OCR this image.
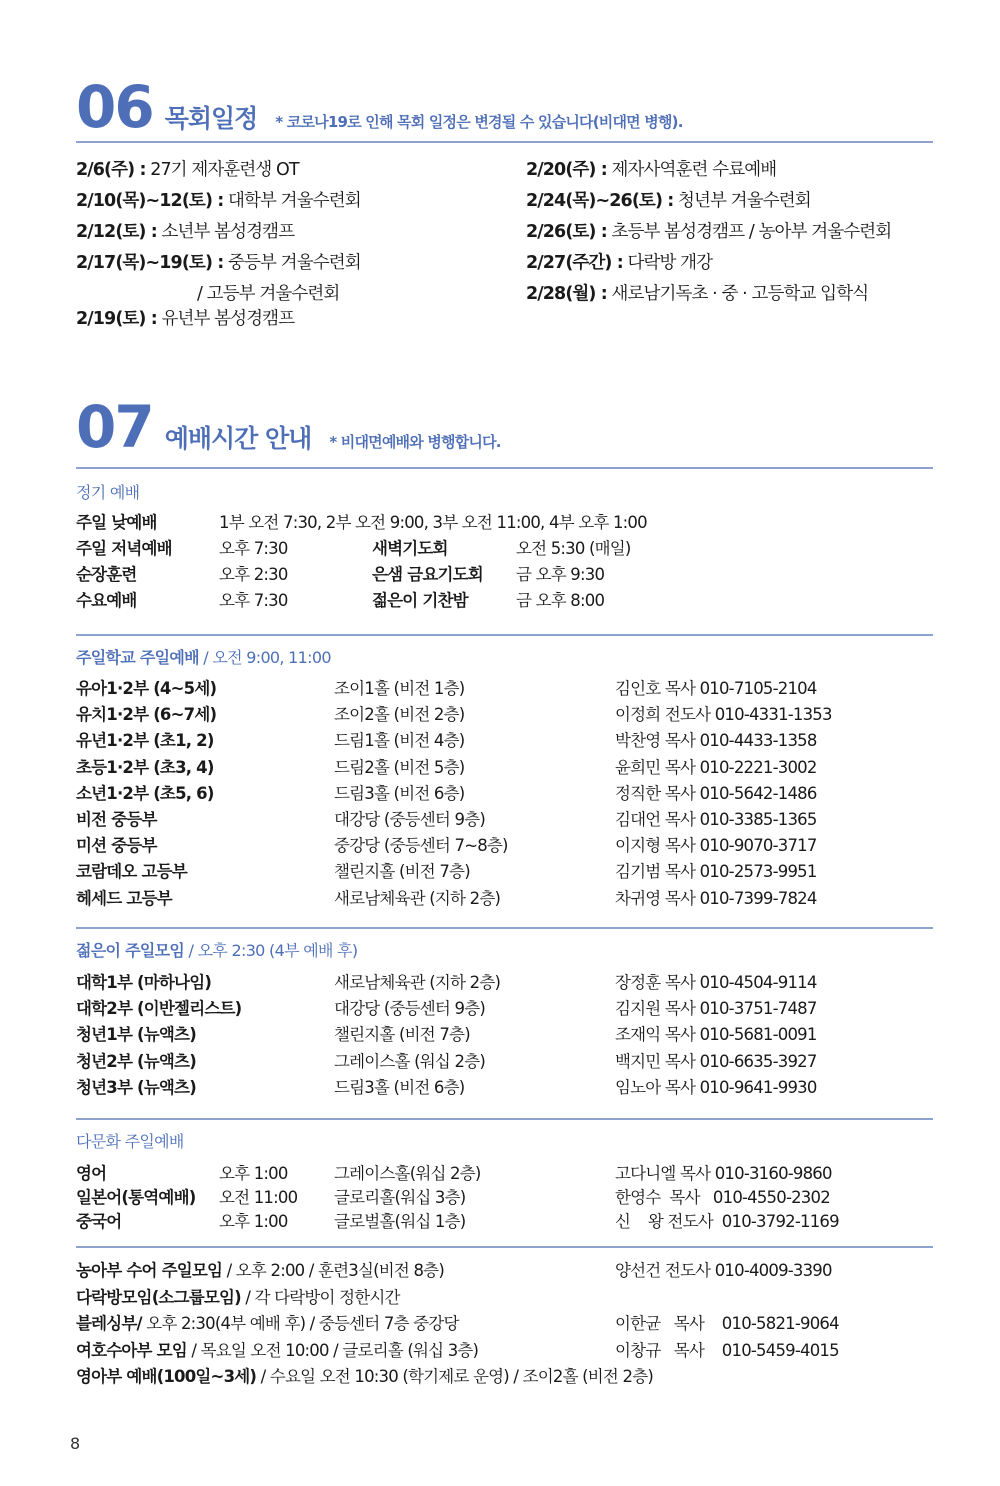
06 목회일정 * 코로나19로 인해 목회 일정은 변경될 수 있습니다(비대면 병행).
2/6(주) : 27기 제자훈련생 OT
2/10(목)~12(토) : 대학부 겨울수련회
2/12(토) : 소년부 봄성경캠프
2/17(목)~19(토) : 중등부 겨울수련회
/ 고등부 겨울수련회
2/19(토) : 유년부 봄성경캠프
2/20(주) : 제자사역훈련 수료예배
2/24(목)~26(토) : 청년부 겨울수련회
2/26(토) : 초등부 봄성경캠프 / 농아부 겨울수련회
2/27(주간) : 다락방 개강
2/28(월) : 새로남기독초 · 중 · 고등학교 입학식
07 예배시간 안내 * 비대면예배와 병행합니다.
정기 예배
주일 낮예배	1부 오전 7:30, 2부 오전 9:00, 3부 오전 11:00, 4부 오후 1:00
주일 저녁예배	오후 7:30	새벽기도회	오전 5:30 (매일)
순장훈련	오후 2:30	은샘 금요기도회 금 오후 9:30
수요예배	오후 7:30	젊은이 기찬밤	금 오후 8:00
주일학교 주일예배 / 오전 9:00, 11:00
유아1·2부 (4~5세)	조이1홀 (비전 1층)	김인호 목사 010-7105-2104
유치1·2부 (6~7세)	조이2홀 (비전 2층)	이정희 전도사 010-4331-1353
유년1·2부 (초1, 2)	드림1홀 (비전 4층)	박찬영 목사 010-4433-1358
초등1·2부 (초3, 4)	드림2홀 (비전 5층)	윤희민 목사 010-2221-3002
소년1·2부 (초5, 6)	드림3홀 (비전 6층)	정직한 목사 010-5642-1486
비전 중등부	대강당 (중등센터 9층)	김대언 목사 010-3385-1365
미션 중등부	중강당 (중등센터 7~8층)	이지형 목사 010-9070-3717
코람데오 고등부	챌린지홀 (비전 7층)	김기범 목사 010-2573-9951
헤세드 고등부	새로남체육관 (지하 2층)	차귀영 목사 010-7399-7824
젊은이 주일모임 / 오후 2:30 (4부 예배 후)
대학1부 (마하나임)	새로남체육관 (지하 2층)	장정훈 목사 010-4504-9114
대학2부 (이반젤리스트)	대강당 (중등센터 9층)	김지원 목사 010-3751-7487
청년1부 (뉴액츠)	챌린지홀 (비전 7층)	조재익 목사 010-5681-0091
청년2부 (뉴액츠)	그레이스홀 (워십 2층)	백지민 목사 010-6635-3927
청년3부 (뉴액츠)	드림3홀 (비전 6층)	임노아 목사 010-9641-9930
다문화 주일예배
영어	오후 1:00	그레이스홀(워십 2층)	고다니엘 목사 010-3160-9860
일본어(통역예배) 오전 11:00 글로리홀(워십 3층)	한영수  목사   010-4550-2302
중국어	오후 1:00	글로벌홀(워십 1층)	신    왕 전도사  010-3792-1169
농아부 수어 주일모임 / 오후 2:00 / 훈련3실(비전 8층)	양선건 전도사 010-4009-3390
다락방모임(소그룹모임) / 각 다락방이 정한시간
블레싱부/ 오후 2:30(4부 예배 후) / 중등센터 7층 중강당	이한균   목사    010-5821-9064
여호수아부 모임 / 목요일 오전 10:00 / 글로리홀 (워십 3층)	이창규   목사    010-5459-4015
영아부 예배(100일~3세) / 수요일 오전 10:30 (학기제로 운영) / 조이2홀 (비전 2층)
8
